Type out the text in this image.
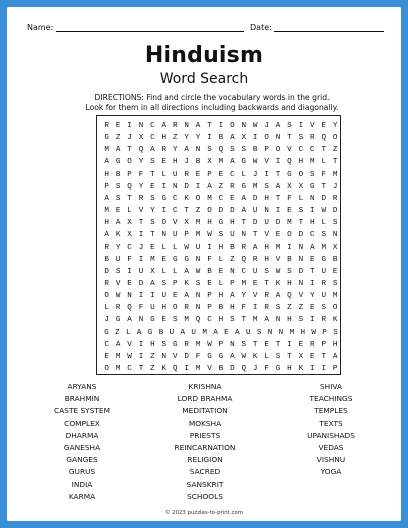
Name:	Date:
Hinduism
Word Search
DIRECTIONS: Find and circle the vocabulary words in the grid.
Look for them in all directions including backwards and diagonally.
R E I N C A R N A T I O N W J A S I V E Y
G Z J X C H Z Y Y I B A X I O N T S R Q O
M A T Q A R Y A N S Q S S B P O V C C T Z
A G O Y S E H J B X M A G W V I Q H M L T
H B P F T L U R E P E C L J I T G O S F M
P S Q Y E I N D I A Z R G M S A X X G T J
A S T R S G C K O M C E A D H T F L N D R
M E L V Y I C T Z O D D A U N I E S I W D
H A X T S O V X M H G H T D U D M T H L S
A K X I T N U P M W S U N T V E O D C S N
R Y C J E L L W U I H B R A H M I N A M X
B U F I M E G G N F L Z Q R H V B N E G B
D S I U X L L A W B E N C U S W S D T U E
R V E D A S P K S E L P M E T K H N I R S
O W N I I U E A N P H A Y V R A Q V Y U M
L R Q F U H O R N P B H F I R S Z Z E S O
J G A N G E S M Q C H S T M A N H S I R K
G Z L A G B U A U M A E A U S N N M H W P S
C A V I H S G R M W P N S T E T I E R P H
E M W I Z N V D F G G A W K L S T X E T A
O M C T Z K Q I M V B D Q J F G H K I I P
ARYANS
BRAHMIN
CASTE SYSTEM
COMPLEX
DHARMA
GANESHA
GANGES
GURUS
INDIA
KARMA
KRISHNA
LORD BRAHMA
MEDITATION
MOKSHA
PRIESTS
REINCARNATION
RELIGION
SACRED
SANSKRIT
SCHOOLS
SHIVA
TEACHINGS
TEMPLES
TEXTS
UPANISHADS
VEDAS
VISHNU
YOGA
© 2023 puzzles-to-print.com
